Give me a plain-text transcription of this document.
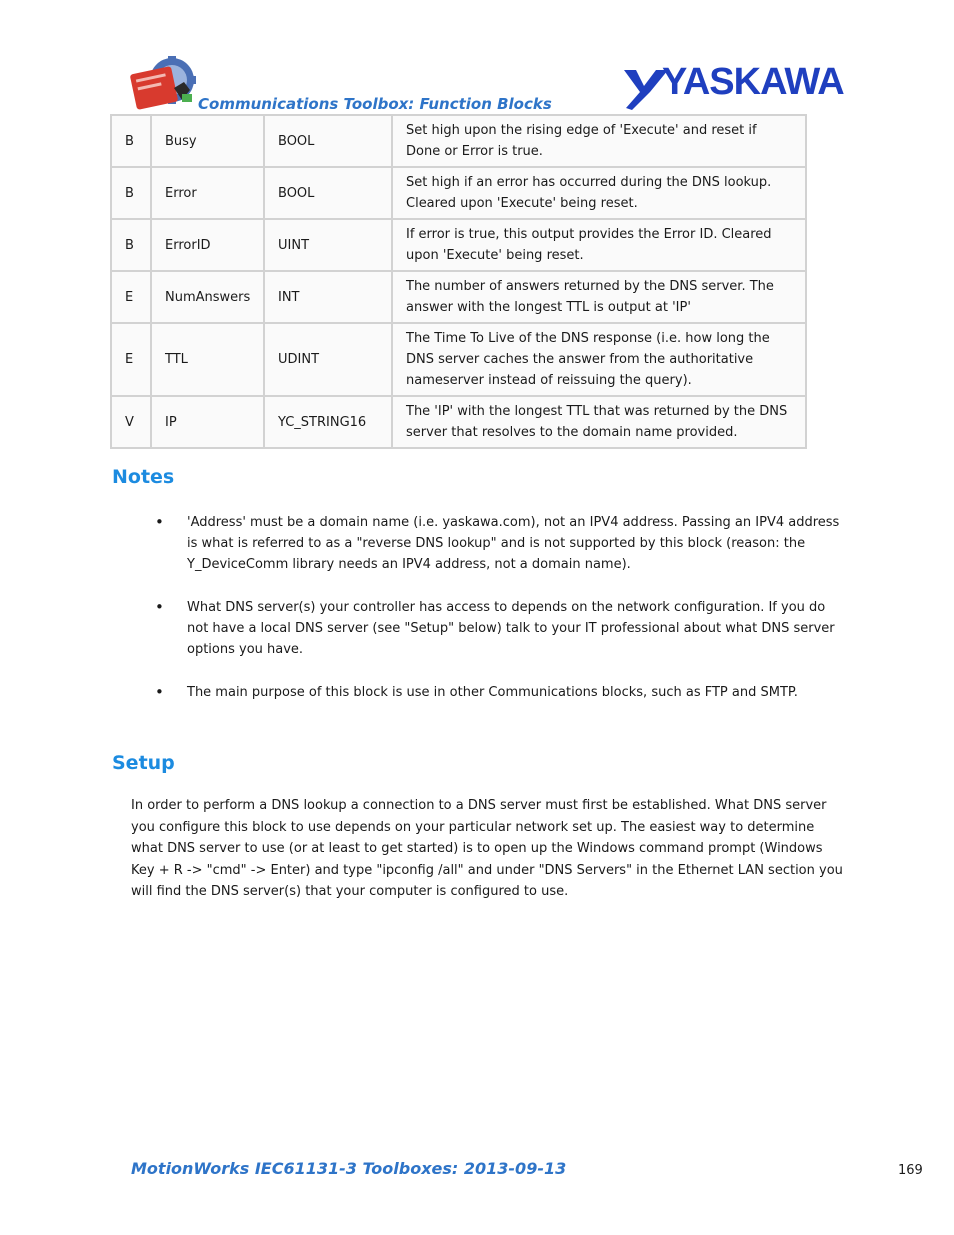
Communications Toolbox: Function Blocks
YASKAWA
B	Busy	BOOL	Set high upon the rising edge of 'Execute' and reset if Done or Error is true.
B	Error	BOOL	Set high if an error has occurred during the DNS lookup. Cleared upon 'Execute' being reset.
B	ErrorID	UINT	If error is true, this output provides the Error ID. Cleared upon 'Execute' being reset.
E	NumAnswers	INT	The number of answers returned by the DNS server. The answer with the longest TTL is output at 'IP'
E	TTL	UDINT	The Time To Live of the DNS response (i.e. how long the DNS server caches the answer from the authoritative nameserver instead of reissuing the query).
V	IP	YC_STRING16	The 'IP' with the longest TTL that was returned by the DNS server that resolves to the domain name provided.
Notes
• 'Address' must be a domain name (i.e. yaskawa.com), not an IPV4 address. Passing an IPV4 address is what is referred to as a "reverse DNS lookup" and is not supported by this block (reason: the Y_DeviceComm library needs an IPV4 address, not a domain name).
• What DNS server(s) your controller has access to depends on the network configuration. If you do not have a local DNS server (see "Setup" below) talk to your IT professional about what DNS server options you have.
• The main purpose of this block is use in other Communications blocks, such as FTP and SMTP.
Setup
In order to perform a DNS lookup a connection to a DNS server must first be established. What DNS server you configure this block to use depends on your particular network set up. The easiest way to determine what DNS server to use (or at least to get started) is to open up the Windows command prompt (Windows Key + R -> "cmd" -> Enter) and type "ipconfig /all" and under "DNS Servers" in the Ethernet LAN section you will find the DNS server(s) that your computer is configured to use.
MotionWorks IEC61131-3 Toolboxes: 2013-09-13	169
